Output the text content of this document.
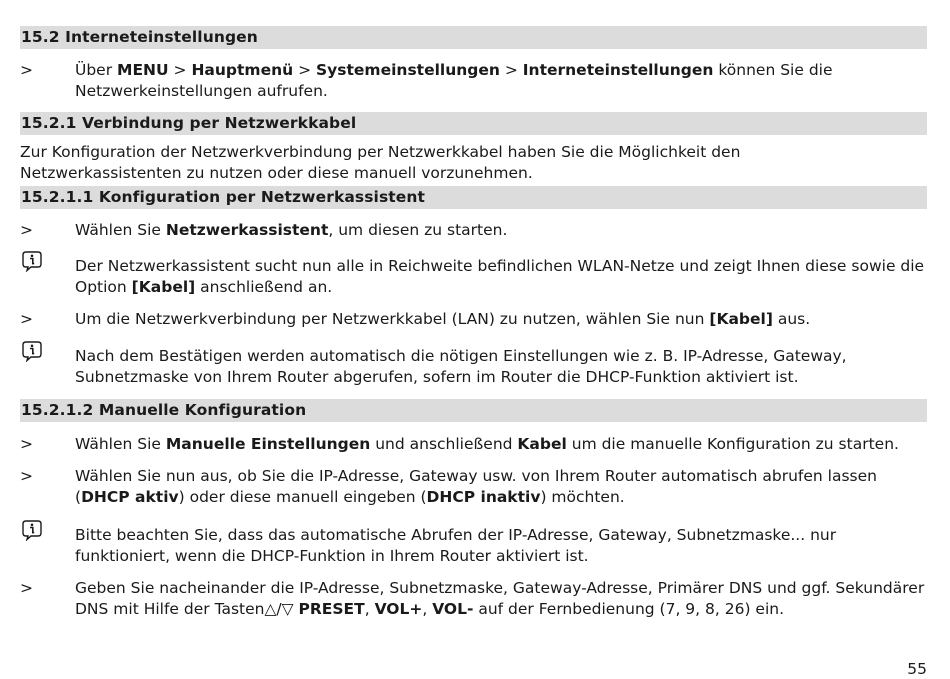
15.2 Interneteinstellungen
>	Über MENU > Hauptmenü > Systemeinstellungen > Interneteinstellungen können Sie die Netzwerkeinstellungen aufrufen.
15.2.1 Verbindung per Netzwerkkabel
Zur Konfiguration der Netzwerkverbindung per Netzwerkkabel haben Sie die Möglichkeit den Netzwerkassistenten zu nutzen oder diese manuell vorzunehmen.
15.2.1.1 Konfiguration per Netzwerkassistent
>	Wählen Sie Netzwerkassistent, um diesen zu starten.
Der Netzwerkassistent sucht nun alle in Reichweite befindlichen WLAN-Netze und zeigt Ihnen diese sowie die Option [Kabel] anschließend an.
>	Um die Netzwerkverbindung per Netzwerkkabel (LAN) zu nutzen, wählen Sie nun [Kabel] aus.
Nach dem Bestätigen werden automatisch die nötigen Einstellungen wie z. B. IP-Adresse, Gateway, Subnetzmaske von Ihrem Router abgerufen, sofern im Router die DHCP-Funktion aktiviert ist.
15.2.1.2 Manuelle Konfiguration
>	Wählen Sie Manuelle Einstellungen und anschließend Kabel um die manuelle Konfiguration zu starten.
>	Wählen Sie nun aus, ob Sie die IP-Adresse, Gateway usw. von Ihrem Router automatisch abrufen lassen (DHCP aktiv) oder diese manuell eingeben (DHCP inaktiv) möchten.
Bitte beachten Sie, dass das automatische Abrufen der IP-Adresse, Gateway, Subnetzmaske... nur funktioniert, wenn die DHCP-Funktion in Ihrem Router aktiviert ist.
>	Geben Sie nacheinander die IP-Adresse, Subnetzmaske, Gateway-Adresse, Primärer DNS und ggf. Sekundärer DNS mit Hilfe der Tasten△/▽ PRESET, VOL+, VOL- auf der Fernbedienung (7, 9, 8, 26) ein.
55
